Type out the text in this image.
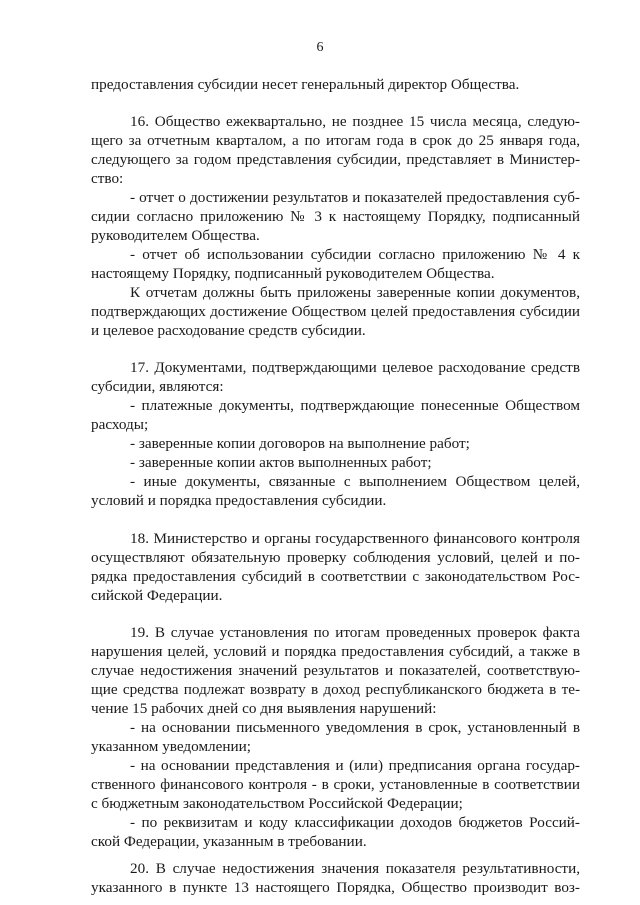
6
предоставления субсидии несет генеральный директор Общества.
16. Общество ежеквартально, не позднее 15 числа месяца, следую-
щего за отчетным кварталом, а по итогам года в срок до 25 января года,
следующего за годом представления субсидии, представляет в Министер-
ство:
- отчет о достижении результатов и показателей предоставления суб-
сидии согласно приложению № 3 к настоящему Порядку, подписанный
руководителем Общества.
- отчет об использовании субсидии согласно приложению № 4 к
настоящему Порядку, подписанный руководителем Общества.
К отчетам должны быть приложены заверенные копии документов,
подтверждающих достижение Обществом целей предоставления субсидии
и целевое расходование средств субсидии.
17. Документами, подтверждающими целевое расходование средств
субсидии, являются:
- платежные документы, подтверждающие понесенные Обществом
расходы;
- заверенные копии договоров на выполнение работ;
- заверенные копии актов выполненных работ;
- иные документы, связанные с выполнением Обществом целей,
условий и порядка предоставления субсидии.
18. Министерство и органы государственного финансового контроля
осуществляют обязательную проверку соблюдения условий, целей и по-
рядка предоставления субсидий в соответствии с законодательством Рос-
сийской Федерации.
19. В случае установления по итогам проведенных проверок факта
нарушения целей, условий и порядка предоставления субсидий, а также в
случае недостижения значений результатов и показателей, соответствую-
щие средства подлежат возврату в доход республиканского бюджета в те-
чение 15 рабочих дней со дня выявления нарушений:
- на основании письменного уведомления в срок, установленный в
указанном уведомлении;
- на основании представления и (или) предписания органа государ-
ственного финансового контроля - в сроки, установленные в соответствии
с бюджетным законодательством Российской Федерации;
- по реквизитам и коду классификации доходов бюджетов Россий-
ской Федерации, указанным в требовании.
20. В случае недостижения значения показателя результативности,
указанного в пункте 13 настоящего Порядка, Общество производит воз-
